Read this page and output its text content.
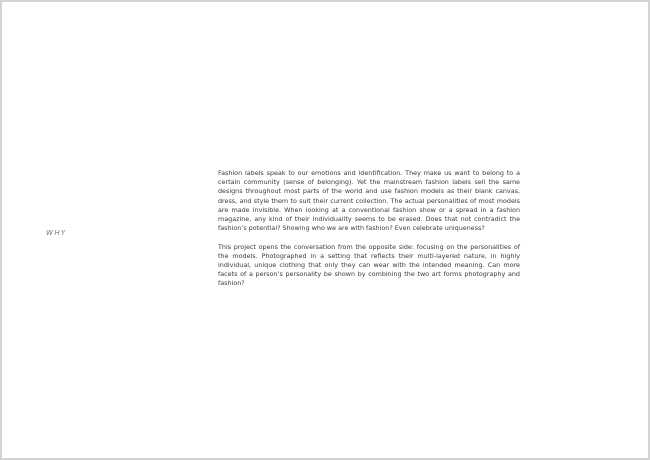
WHY

Fashion labels speak to our emotions and identification. They make us want to belong to a certain community (sense of belonging). Yet the mainstream fashion labels sell the same designs throughout most parts of the world and use fashion models as their blank canvas, dress, and style them to suit their current collection. The actual personalities of most models are made invisible. When looking at a conventional fashion show or a spread in a fashion magazine, any kind of their individuality seems to be erased. Does that not contradict the fashion’s potential? Showing who we are with fashion? Even celebrate uniqueness?

This project opens the conversation from the opposite side: focusing on the personalities of the models. Photographed in a setting that reflects their multi-layered nature, in highly individual, unique clothing that only they can wear with the intended meaning. Can more facets of a person’s personality be shown by combining the two art forms photography and fashion?
